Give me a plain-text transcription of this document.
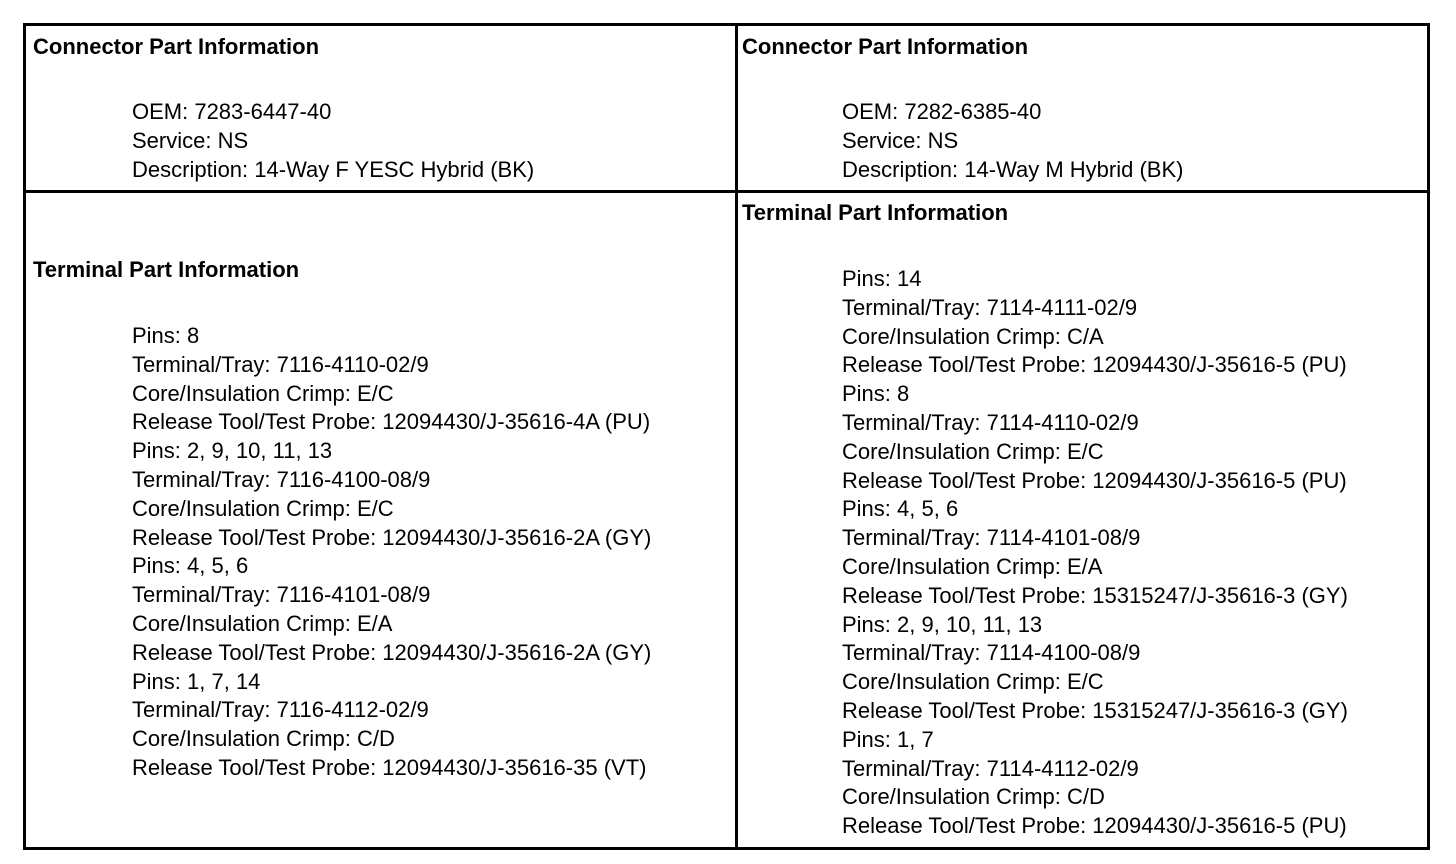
Connector Part Information
OEM: 7283-6447-40
Service: NS
Description: 14-Way F YESC Hybrid (BK)
Connector Part Information
OEM: 7282-6385-40
Service: NS
Description: 14-Way M Hybrid (BK)
Terminal Part Information
Pins: 8
Terminal/Tray: 7116-4110-02/9
Core/Insulation Crimp: E/C
Release Tool/Test Probe: 12094430/J-35616-4A (PU)
Pins: 2, 9, 10, 11, 13
Terminal/Tray: 7116-4100-08/9
Core/Insulation Crimp: E/C
Release Tool/Test Probe: 12094430/J-35616-2A (GY)
Pins: 4, 5, 6
Terminal/Tray: 7116-4101-08/9
Core/Insulation Crimp: E/A
Release Tool/Test Probe: 12094430/J-35616-2A (GY)
Pins: 1, 7, 14
Terminal/Tray: 7116-4112-02/9
Core/Insulation Crimp: C/D
Release Tool/Test Probe: 12094430/J-35616-35 (VT)
Terminal Part Information
Pins: 14
Terminal/Tray: 7114-4111-02/9
Core/Insulation Crimp: C/A
Release Tool/Test Probe: 12094430/J-35616-5 (PU)
Pins: 8
Terminal/Tray: 7114-4110-02/9
Core/Insulation Crimp: E/C
Release Tool/Test Probe: 12094430/J-35616-5 (PU)
Pins: 4, 5, 6
Terminal/Tray: 7114-4101-08/9
Core/Insulation Crimp: E/A
Release Tool/Test Probe: 15315247/J-35616-3 (GY)
Pins: 2, 9, 10, 11, 13
Terminal/Tray: 7114-4100-08/9
Core/Insulation Crimp: E/C
Release Tool/Test Probe: 15315247/J-35616-3 (GY)
Pins: 1, 7
Terminal/Tray: 7114-4112-02/9
Core/Insulation Crimp: C/D
Release Tool/Test Probe: 12094430/J-35616-5 (PU)
